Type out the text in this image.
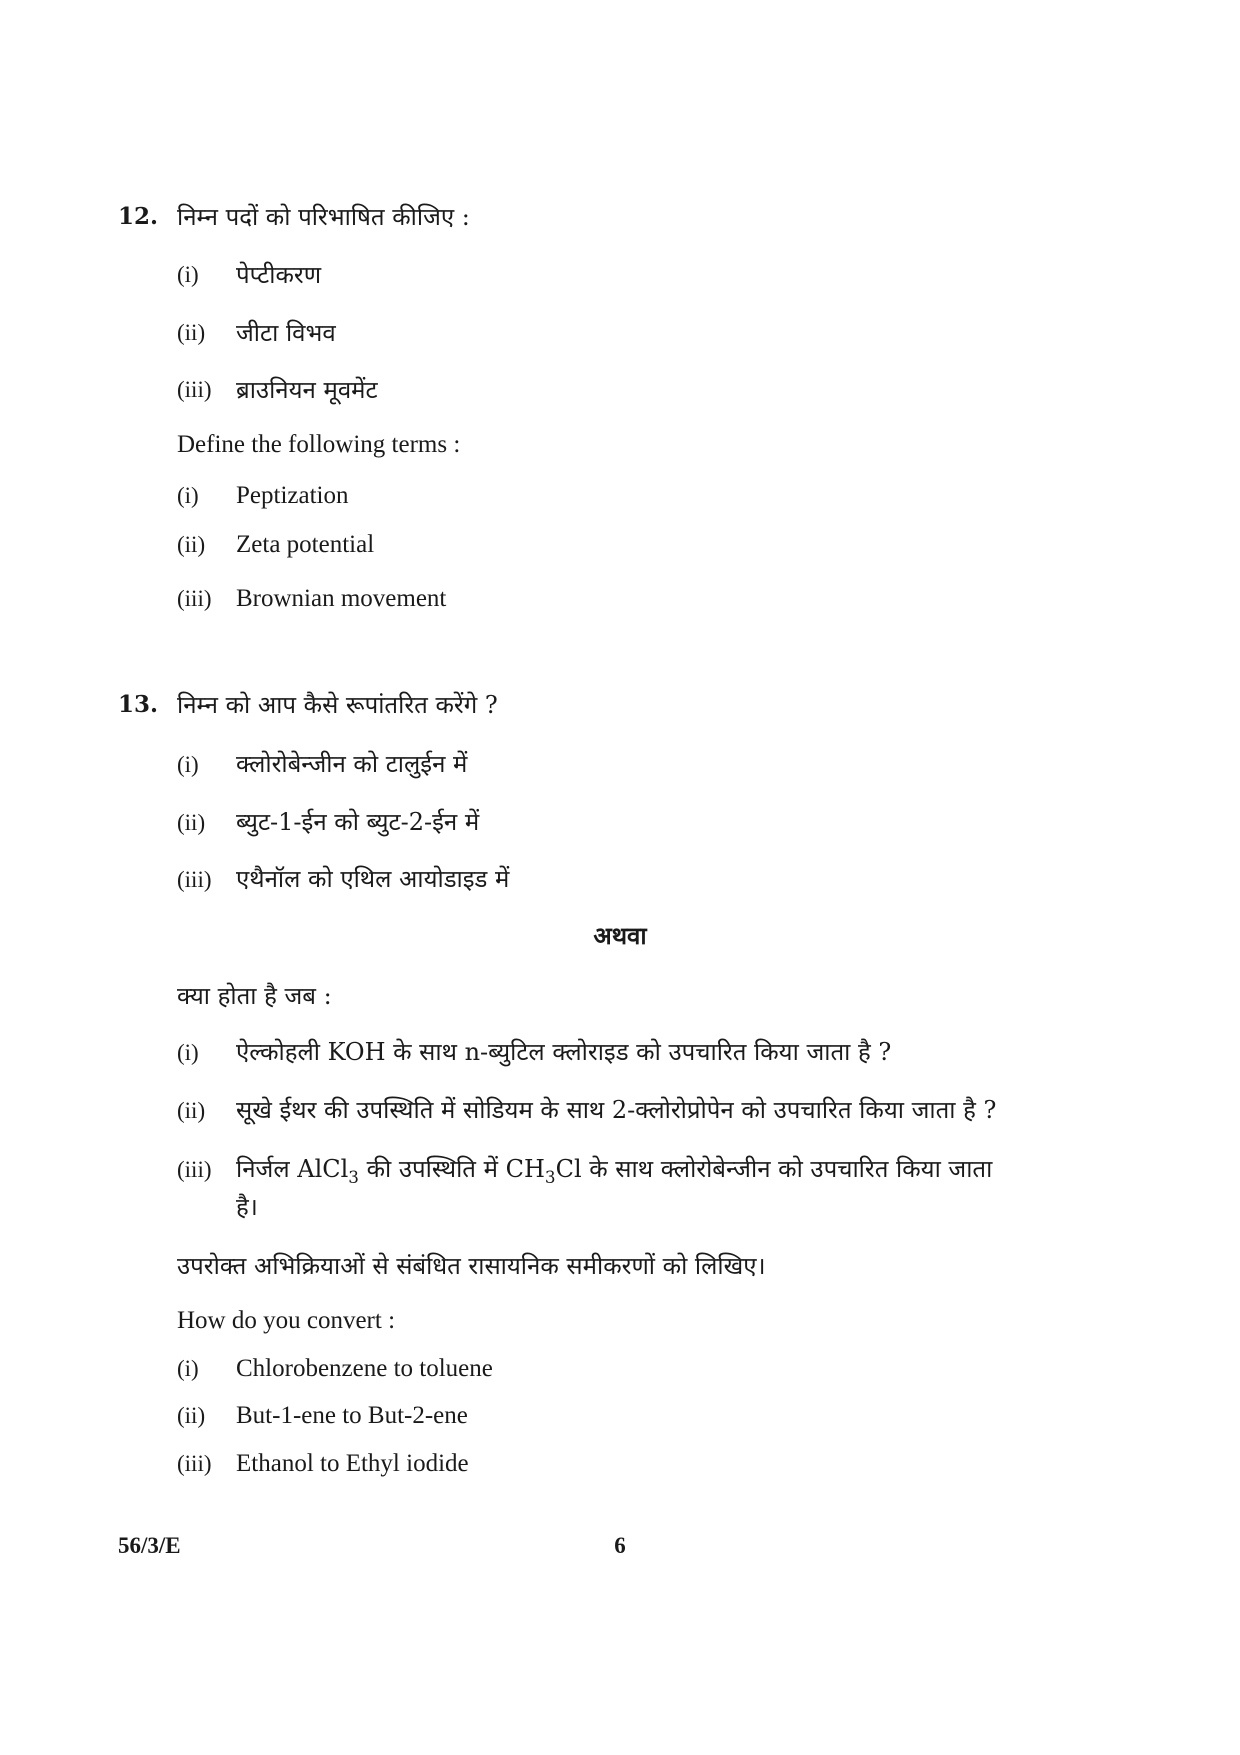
12. निम्न पदों को परिभाषित कीजिए :
(i) पेप्टीकरण
(ii) जीटा विभव
(iii) ब्राउनियन मूवमेंट
Define the following terms :
(i) Peptization
(ii) Zeta potential
(iii) Brownian movement
13. निम्न को आप कैसे रूपांतरित करेंगे ?
(i) क्लोरोबेन्जीन को टालुईन में
(ii) ब्युट-1-ईन को ब्युट-2-ईन में
(iii) एथैनॉल को एथिल आयोडाइड में
अथवा
क्या होता है जब :
(i) ऐल्कोहली KOH के साथ n-ब्युटिल क्लोराइड को उपचारित किया जाता है ?
(ii) सूखे ईथर की उपस्थिति में सोडियम के साथ 2-क्लोरोप्रोपेन को उपचारित किया जाता है ?
(iii) निर्जल AlCl$_3$ की उपस्थिति में $CH_3Cl$ के साथ क्लोरोबेन्जीन को उपचारित किया जाता
है।
उपरोक्त अभिक्रियाओं से संबंधित रासायनिक समीकरणों को लिखिए।
How do you convert :
(i) Chlorobenzene to toluene
(ii) But-1-ene to But-2-ene
(iii) Ethanol to Ethyl iodide
56/3/E	6
